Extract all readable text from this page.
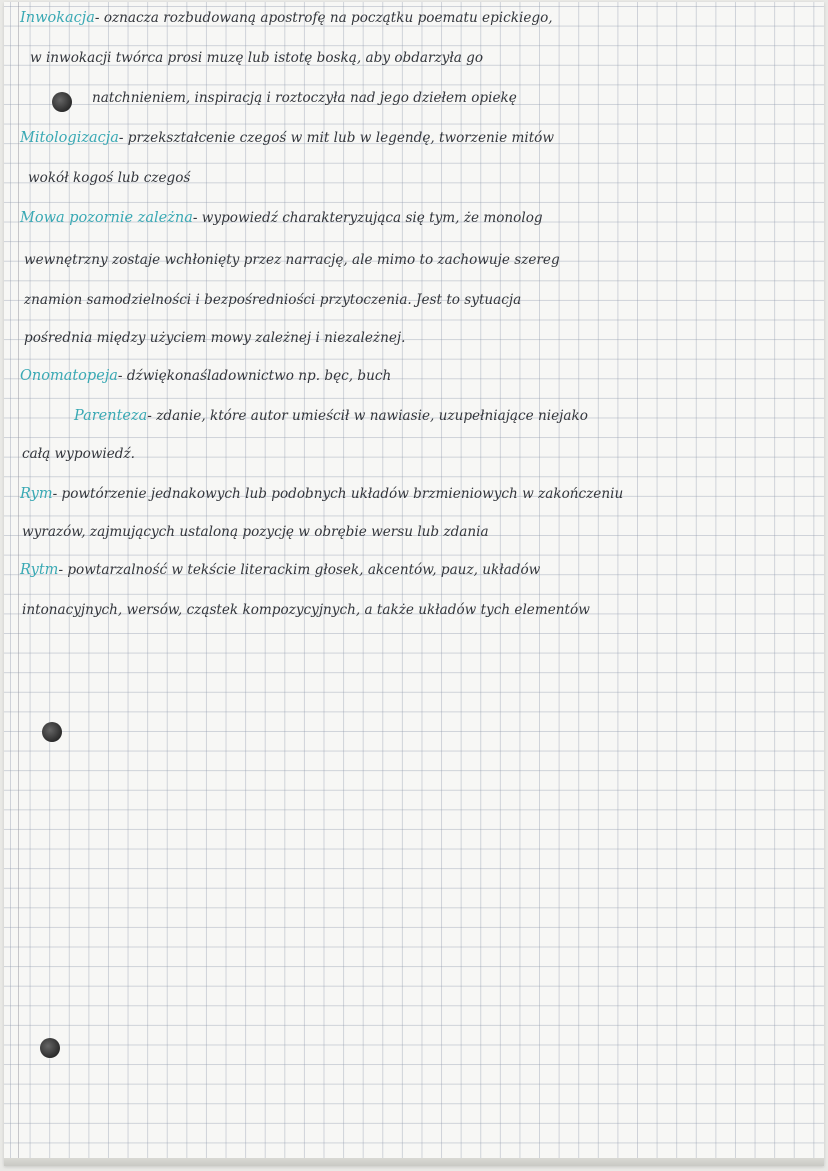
Inwokacja- oznacza rozbudowaną apostrofę na początku poematu epickiego,
w inwokacji twórca prosi muzę lub istotę boską, aby obdarzyła go
natchnieniem, inspiracją i roztoczyła nad jego dziełem opiekę
Mitologizacja- przekształcenie czegoś w mit lub w legendę, tworzenie mitów
wokół kogoś lub czegoś
Mowa pozornie zależna- wypowiedź charakteryzująca się tym, że monolog
wewnętrzny zostaje wchłonięty przez narrację, ale mimo to zachowuje szereg
znamion samodzielności i bezpośredniości przytoczenia. Jest to sytuacja
pośrednia między użyciem mowy zależnej i niezależnej.
Onomatopeja- dźwiękonaśladownictwo np. bęc, buch
Parenteza- zdanie, które autor umieścił w nawiasie, uzupełniające niejako
całą wypowiedź.
Rym- powtórzenie jednakowych lub podobnych układów brzmieniowych w zakończeniu
wyrazów, zajmujących ustaloną pozycję w obrębie wersu lub zdania
Rytm- powtarzalność w tekście literackim głosek, akcentów, pauz, układów
intonacyjnych, wersów, cząstek kompozycyjnych, a także układów tych elementów
